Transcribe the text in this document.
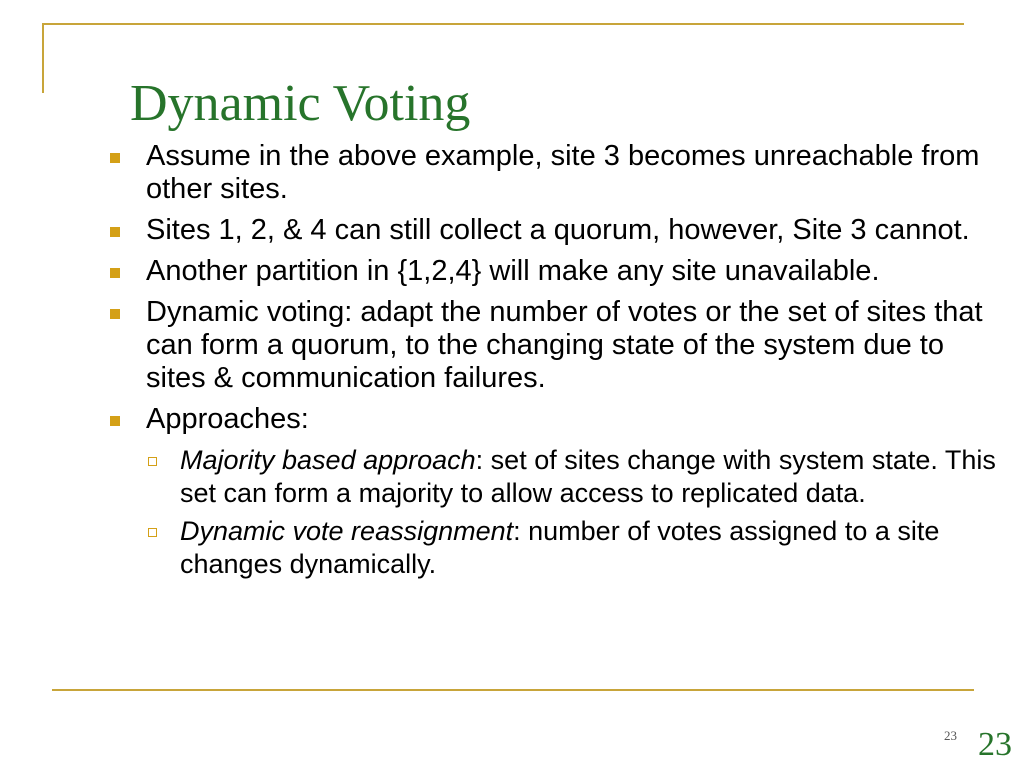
Dynamic Voting
Assume in the above example, site 3 becomes unreachable from other sites.
Sites 1, 2, & 4 can still collect a quorum, however, Site 3 cannot.
Another partition in {1,2,4} will make any site unavailable.
Dynamic voting: adapt the number of votes or the set of sites that can form a quorum, to the changing state of the system due to sites & communication failures.
Approaches:
Majority based approach: set of sites change with system state. This set can form a majority to allow access to replicated data.
Dynamic vote reassignment: number of votes assigned to a site changes dynamically.
23 23
